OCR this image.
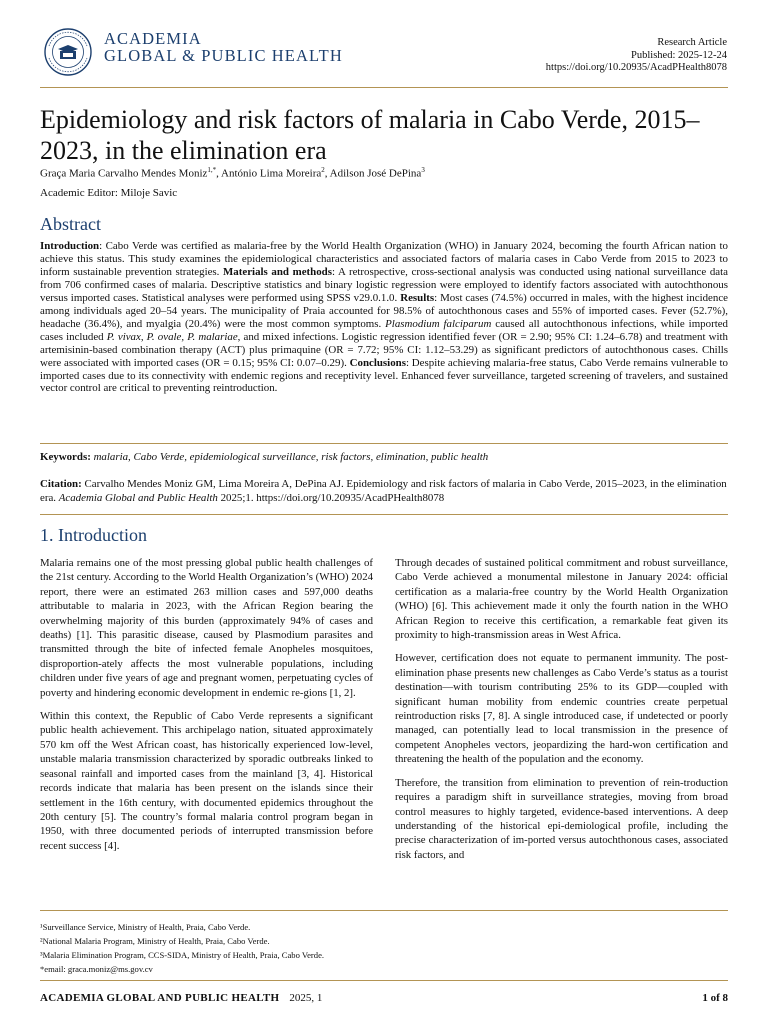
ACADEMIA
GLOBAL & PUBLIC HEALTH
Research Article
Published: 2025-12-24
https://doi.org/10.20935/AcadPHealth8078
Epidemiology and risk factors of malaria in Cabo Verde, 2015–2023, in the elimination era
Graça Maria Carvalho Mendes Moniz$^{1,*}$, António Lima Moreira$^2$, Adilson José DePina$^3$
Academic Editor: Miloje Savic
Abstract

Introduction: Cabo Verde was certified as malaria-free by the World Health Organization (WHO) in January 2024, becoming the fourth African nation to achieve this status. This study examines the epidemiological characteristics and associated factors of malaria cases in Cabo Verde from 2015 to 2023 to inform sustainable prevention strategies. Materials and methods: A retrospective, cross-sectional analysis was conducted using national surveillance data from 706 confirmed cases of malaria. Descriptive statistics and binary logistic regression were employed to identify factors associated with autochthonous versus imported cases. Statistical analyses were performed using SPSS v29.0.1.0. Results: Most cases (74.5%) occurred in males, with the highest incidence among individuals aged 20–54 years. The municipality of Praia accounted for 98.5% of autochthonous cases and 55% of imported cases. Fever (52.7%), headache (36.4%), and myalgia (20.4%) were the most common symptoms. Plasmodium falciparum caused all autochthonous infections, while imported cases included P. vivax, P. ovale, P. malariae, and mixed infections. Logistic regression identified fever (OR = 2.90; 95% CI: 1.24–6.78) and treatment with artemisinin-based combination therapy (ACT) plus primaquine (OR = 7.72; 95% CI: 1.12–53.29) as significant predictors of autochthonous cases. Chills were associated with imported cases (OR = 0.15; 95% CI: 0.07–0.29). Conclusions: Despite achieving malaria-free status, Cabo Verde remains vulnerable to imported cases due to its connectivity with endemic regions and receptivity level. Enhanced fever surveillance, targeted screening of travelers, and sustained vector control are critical to preventing reintroduction.

Keywords: malaria, Cabo Verde, epidemiological surveillance, risk factors, elimination, public health

Citation: Carvalho Mendes Moniz GM, Lima Moreira A, DePina AJ. Epidemiology and risk factors of malaria in Cabo Verde, 2015–2023, in the elimination era. Academia Global and Public Health 2025;1. https://doi.org/10.20935/AcadPHealth8078

1. Introduction

Malaria remains one of the most pressing global public health challenges of the 21st century. According to the World Health Organization’s (WHO) 2024 report, there were an estimated 263 million cases and 597,000 deaths attributable to malaria in 2023, with the African Region bearing the overwhelming majority of this burden (approximately 94% of cases and deaths) [1]. This parasitic disease, caused by Plasmodium parasites and transmitted through the bite of infected female Anopheles mosquitoes, disproportion-ately affects the most vulnerable populations, including children under five years of age and pregnant women, perpetuating cycles of poverty and hindering economic development in endemic re-gions [1, 2].

Within this context, the Republic of Cabo Verde represents a significant public health achievement. This archipelago nation, situated approximately 570 km off the West African coast, has historically experienced low-level, unstable malaria transmission characterized by sporadic outbreaks linked to seasonal rainfall and imported cases from the mainland [3, 4]. Historical records indicate that malaria has been present on the islands since their settlement in the 16th century, with documented epidemics throughout the 20th century [5]. The country’s formal malaria control program began in 1950, with three documented periods of interrupted transmission before recent success [4].

Through decades of sustained political commitment and robust surveillance, Cabo Verde achieved a monumental milestone in January 2024: official certification as a malaria-free country by the World Health Organization (WHO) [6]. This achievement made it only the fourth nation in the WHO African Region to receive this certification, a remarkable feat given its proximity to high-transmission areas in West Africa.

However, certification does not equate to permanent immunity. The post-elimination phase presents new challenges as Cabo Verde’s status as a tourist destination—with tourism contributing 25% to its GDP—coupled with significant human mobility from endemic countries create perpetual reintroduction risks [7, 8]. A single introduced case, if undetected or poorly managed, can potentially lead to local transmission in the presence of competent Anopheles vectors, jeopardizing the hard-won certification and threatening the health of the population and the economy.

Therefore, the transition from elimination to prevention of rein-troduction requires a paradigm shift in surveillance strategies, moving from broad control measures to highly targeted, evidence-based interventions. A deep understanding of the historical epi-demiological profile, including the precise characterization of im-ported versus autochthonous cases, associated risk factors, and

¹Surveillance Service, Ministry of Health, Praia, Cabo Verde.
²National Malaria Program, Ministry of Health, Praia, Cabo Verde.
³Malaria Elimination Program, CCS-SIDA, Ministry of Health, Praia, Cabo Verde.
*email: graca.moniz@ms.gov.cv
ACADEMIA GLOBAL AND PUBLIC HEALTH 2025, 1	1 of 8
